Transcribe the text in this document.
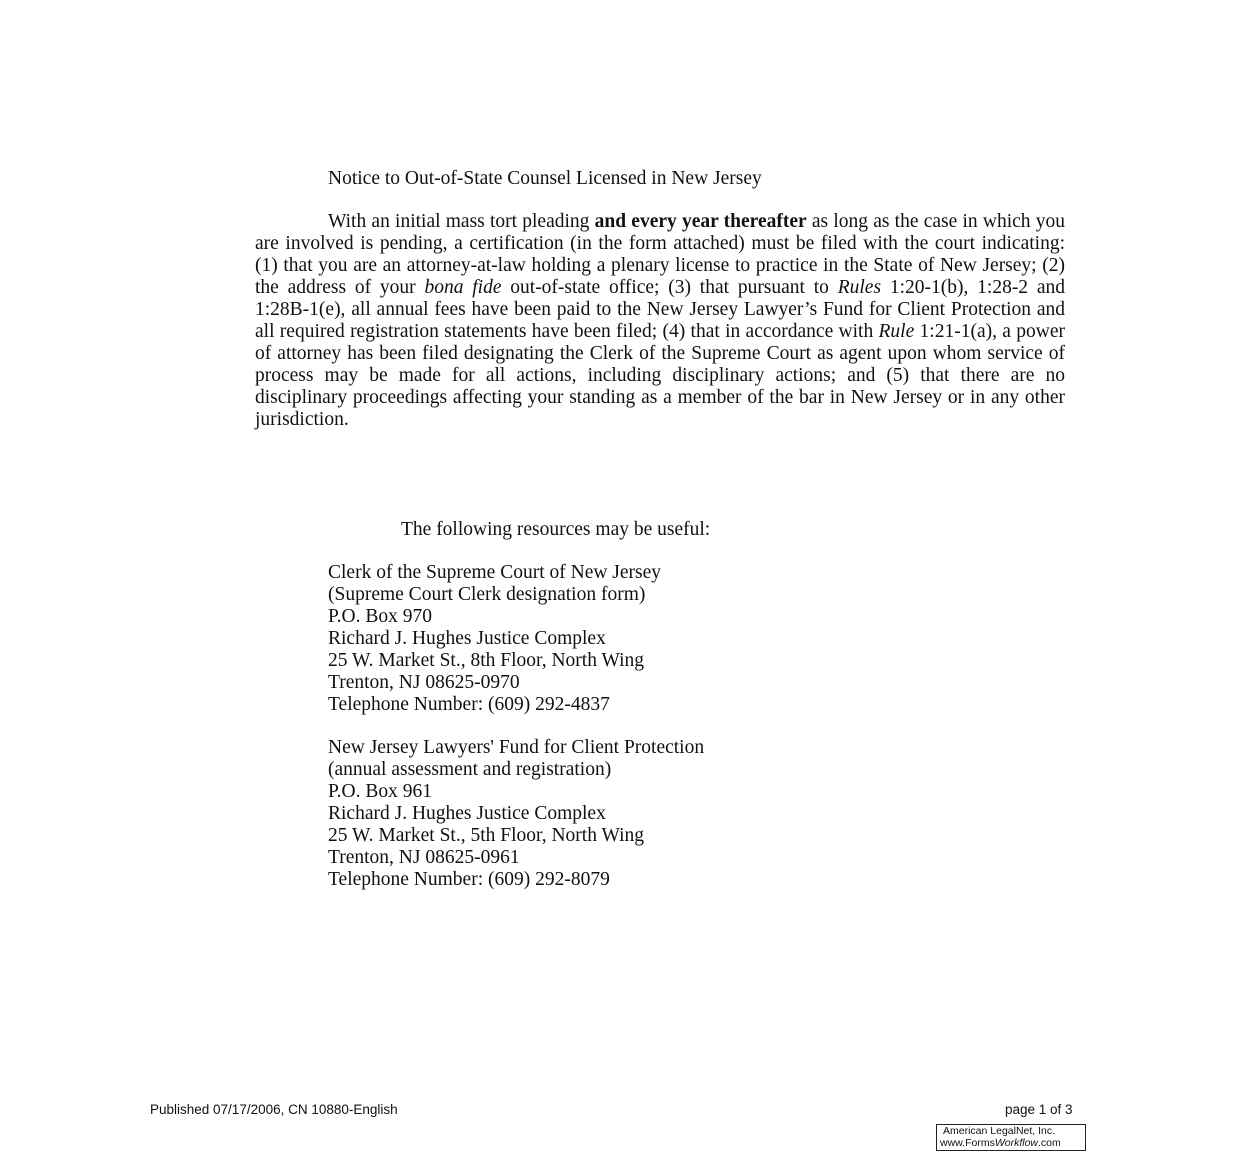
Notice to Out-of-State Counsel Licensed in New Jersey

With an initial mass tort pleading and every year thereafter as long as the case in which you are involved is pending, a certification (in the form attached) must be filed with the court indicating: (1) that you are an attorney-at-law holding a plenary license to practice in the State of New Jersey; (2) the address of your bona fide out-of-state office; (3) that pursuant to Rules 1:20-1(b), 1:28-2 and 1:28B-1(e), all annual fees have been paid to the New Jersey Lawyer’s Fund for Client Protection and all required registration statements have been filed; (4) that in accordance with Rule 1:21-1(a), a power of attorney has been filed designating the Clerk of the Supreme Court as agent upon whom service of process may be made for all actions, including disciplinary actions; and (5) that there are no disciplinary proceedings affecting your standing as a member of the bar in New Jersey or in any other jurisdiction.

The following resources may be useful:
Clerk of the Supreme Court of New Jersey
(Supreme Court Clerk designation form)
P.O. Box 970
Richard J. Hughes Justice Complex
25 W. Market St., 8th Floor, North Wing
Trenton, NJ 08625-0970
Telephone Number: (609) 292-4837
New Jersey Lawyers' Fund for Client Protection
(annual assessment and registration)
P.O. Box 961
Richard J. Hughes Justice Complex
25 W. Market St., 5th Floor, North Wing
Trenton, NJ 08625-0961
Telephone Number: (609) 292-8079
Published 07/17/2006, CN 10880-English	page 1 of 3
American LegalNet, Inc.
www.FormsWorkflow.com
